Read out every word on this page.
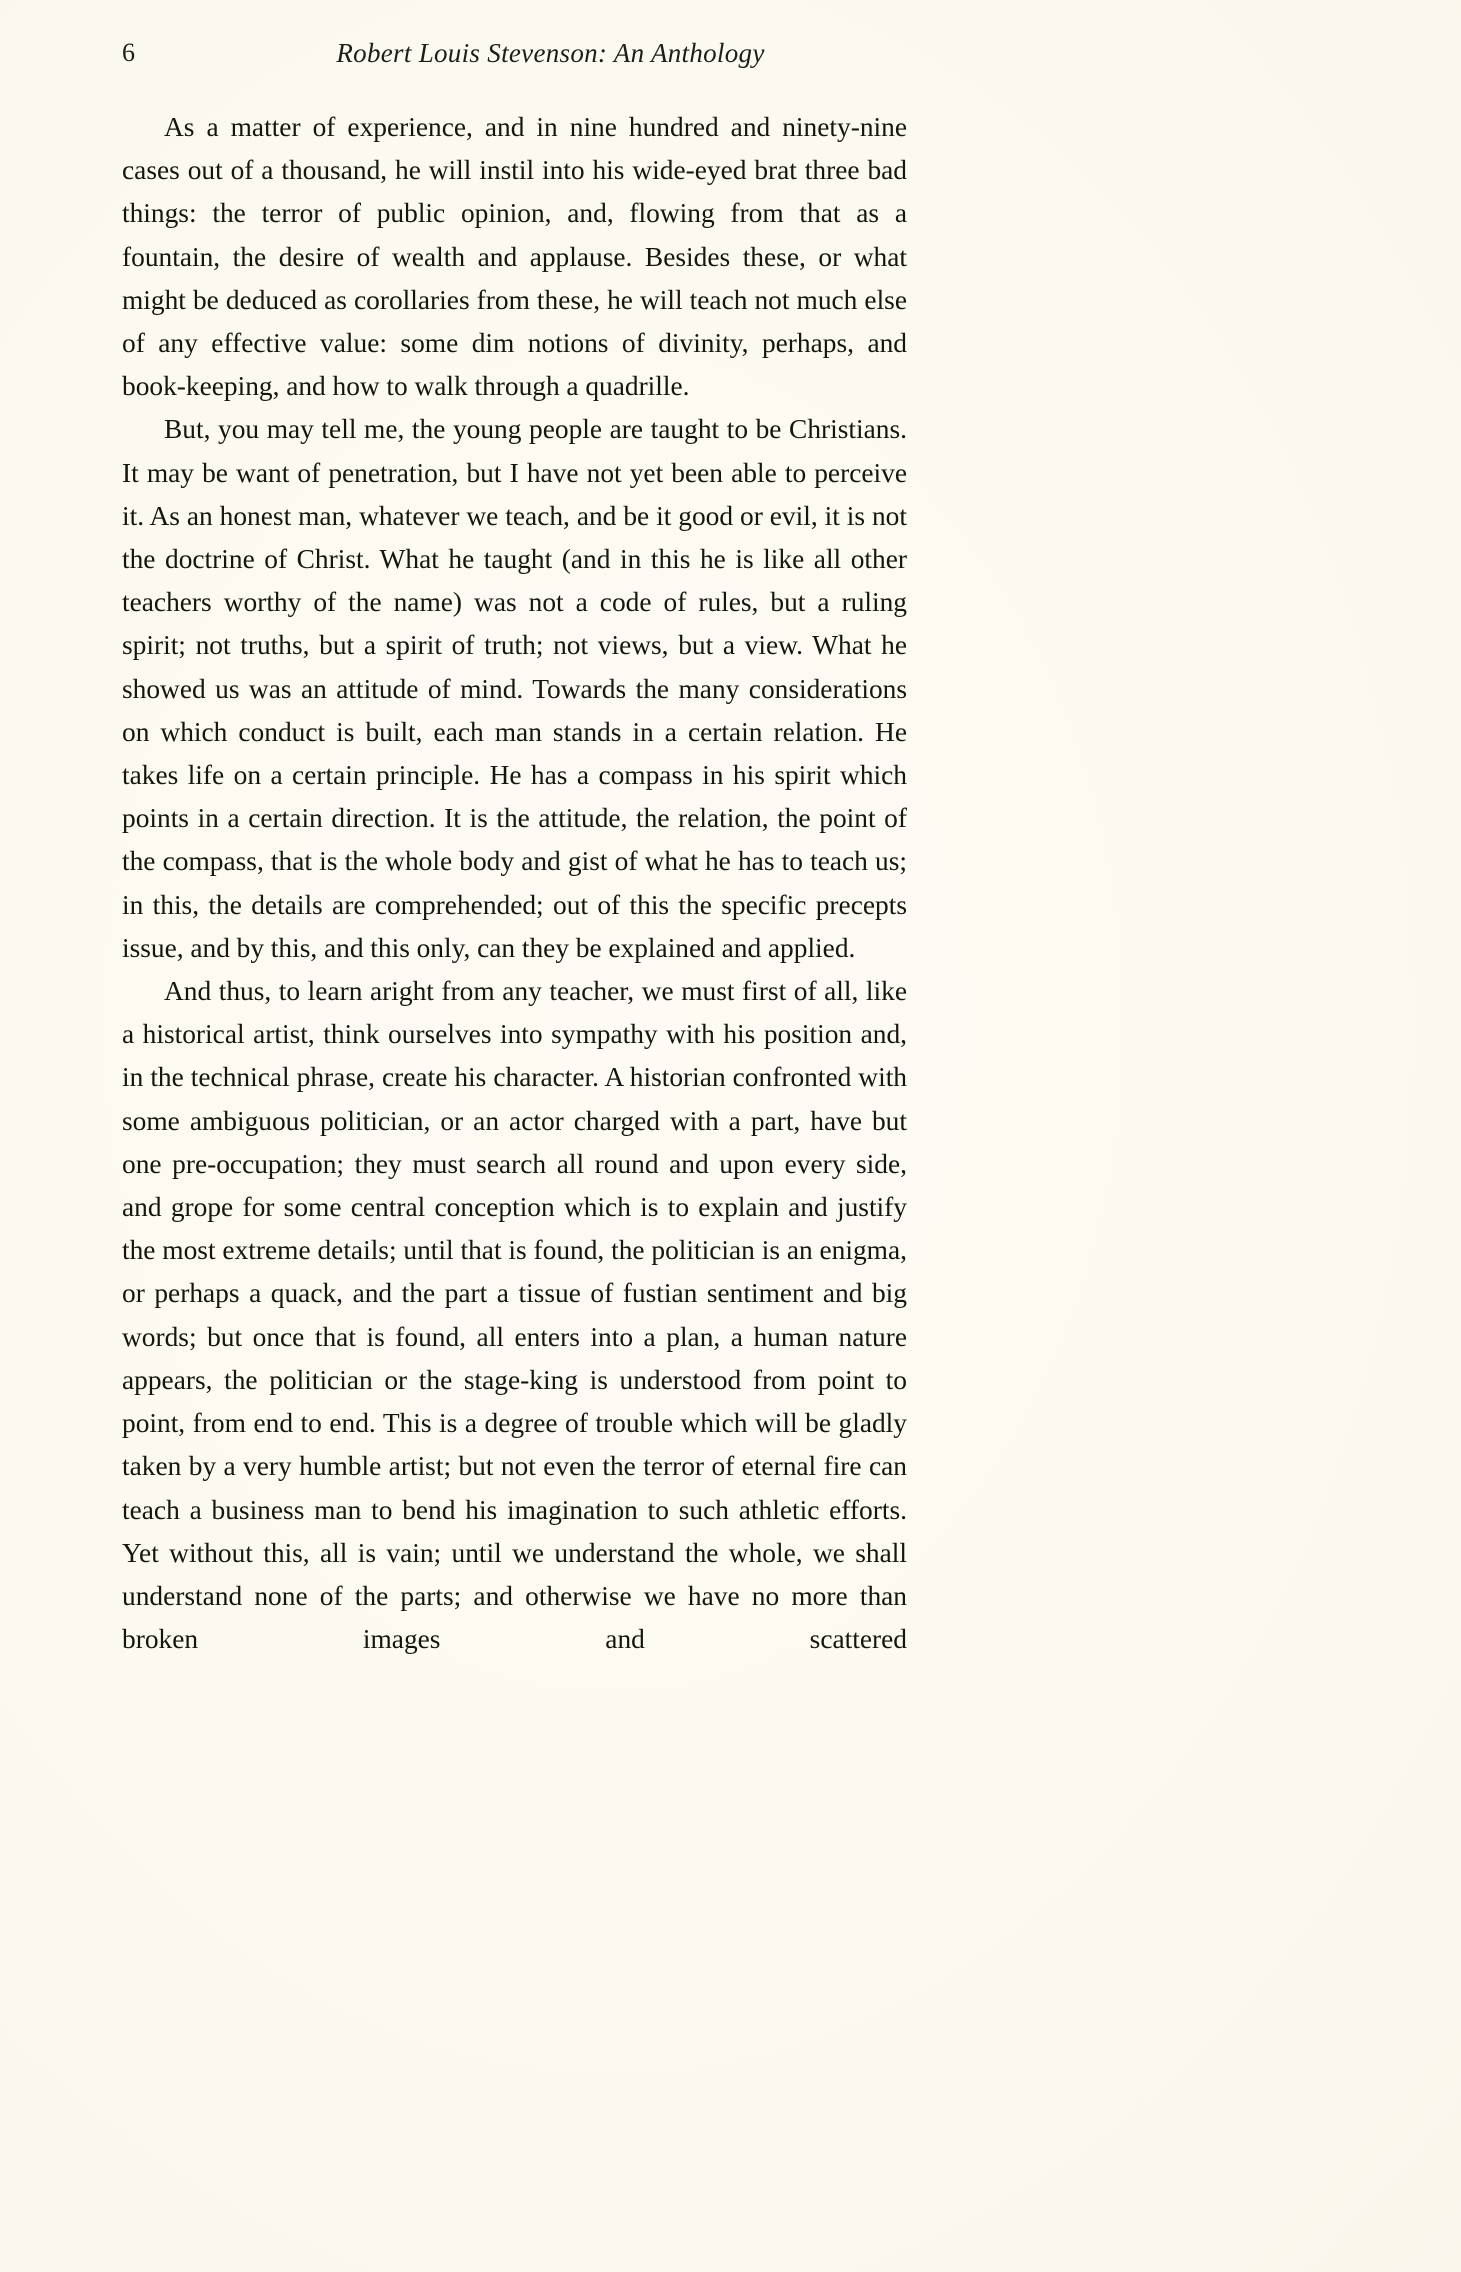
6	Robert Louis Stevenson: An Anthology

As a matter of experience, and in nine hundred and ninety-nine cases out of a thousand, he will instil into his wide-eyed brat three bad things: the terror of public opinion, and, flowing from that as a fountain, the desire of wealth and applause. Besides these, or what might be deduced as corollaries from these, he will teach not much else of any effective value: some dim notions of divinity, perhaps, and book-keeping, and how to walk through a quadrille.

But, you may tell me, the young people are taught to be Christians. It may be want of penetration, but I have not yet been able to perceive it. As an honest man, whatever we teach, and be it good or evil, it is not the doctrine of Christ. What he taught (and in this he is like all other teachers worthy of the name) was not a code of rules, but a ruling spirit; not truths, but a spirit of truth; not views, but a view. What he showed us was an attitude of mind. Towards the many considerations on which conduct is built, each man stands in a certain relation. He takes life on a certain principle. He has a compass in his spirit which points in a certain direction. It is the attitude, the relation, the point of the compass, that is the whole body and gist of what he has to teach us; in this, the details are comprehended; out of this the specific precepts issue, and by this, and this only, can they be explained and applied.

And thus, to learn aright from any teacher, we must first of all, like a historical artist, think ourselves into sympathy with his position and, in the technical phrase, create his character. A historian confronted with some ambiguous politician, or an actor charged with a part, have but one pre-occupation; they must search all round and upon every side, and grope for some central conception which is to explain and justify the most extreme details; until that is found, the politician is an enigma, or perhaps a quack, and the part a tissue of fustian sentiment and big words; but once that is found, all enters into a plan, a human nature appears, the politician or the stage-king is understood from point to point, from end to end. This is a degree of trouble which will be gladly taken by a very humble artist; but not even the terror of eternal fire can teach a business man to bend his imagination to such athletic efforts. Yet without this, all is vain; until we understand the whole, we shall understand none of the parts; and otherwise we have no more than broken images and scattered
